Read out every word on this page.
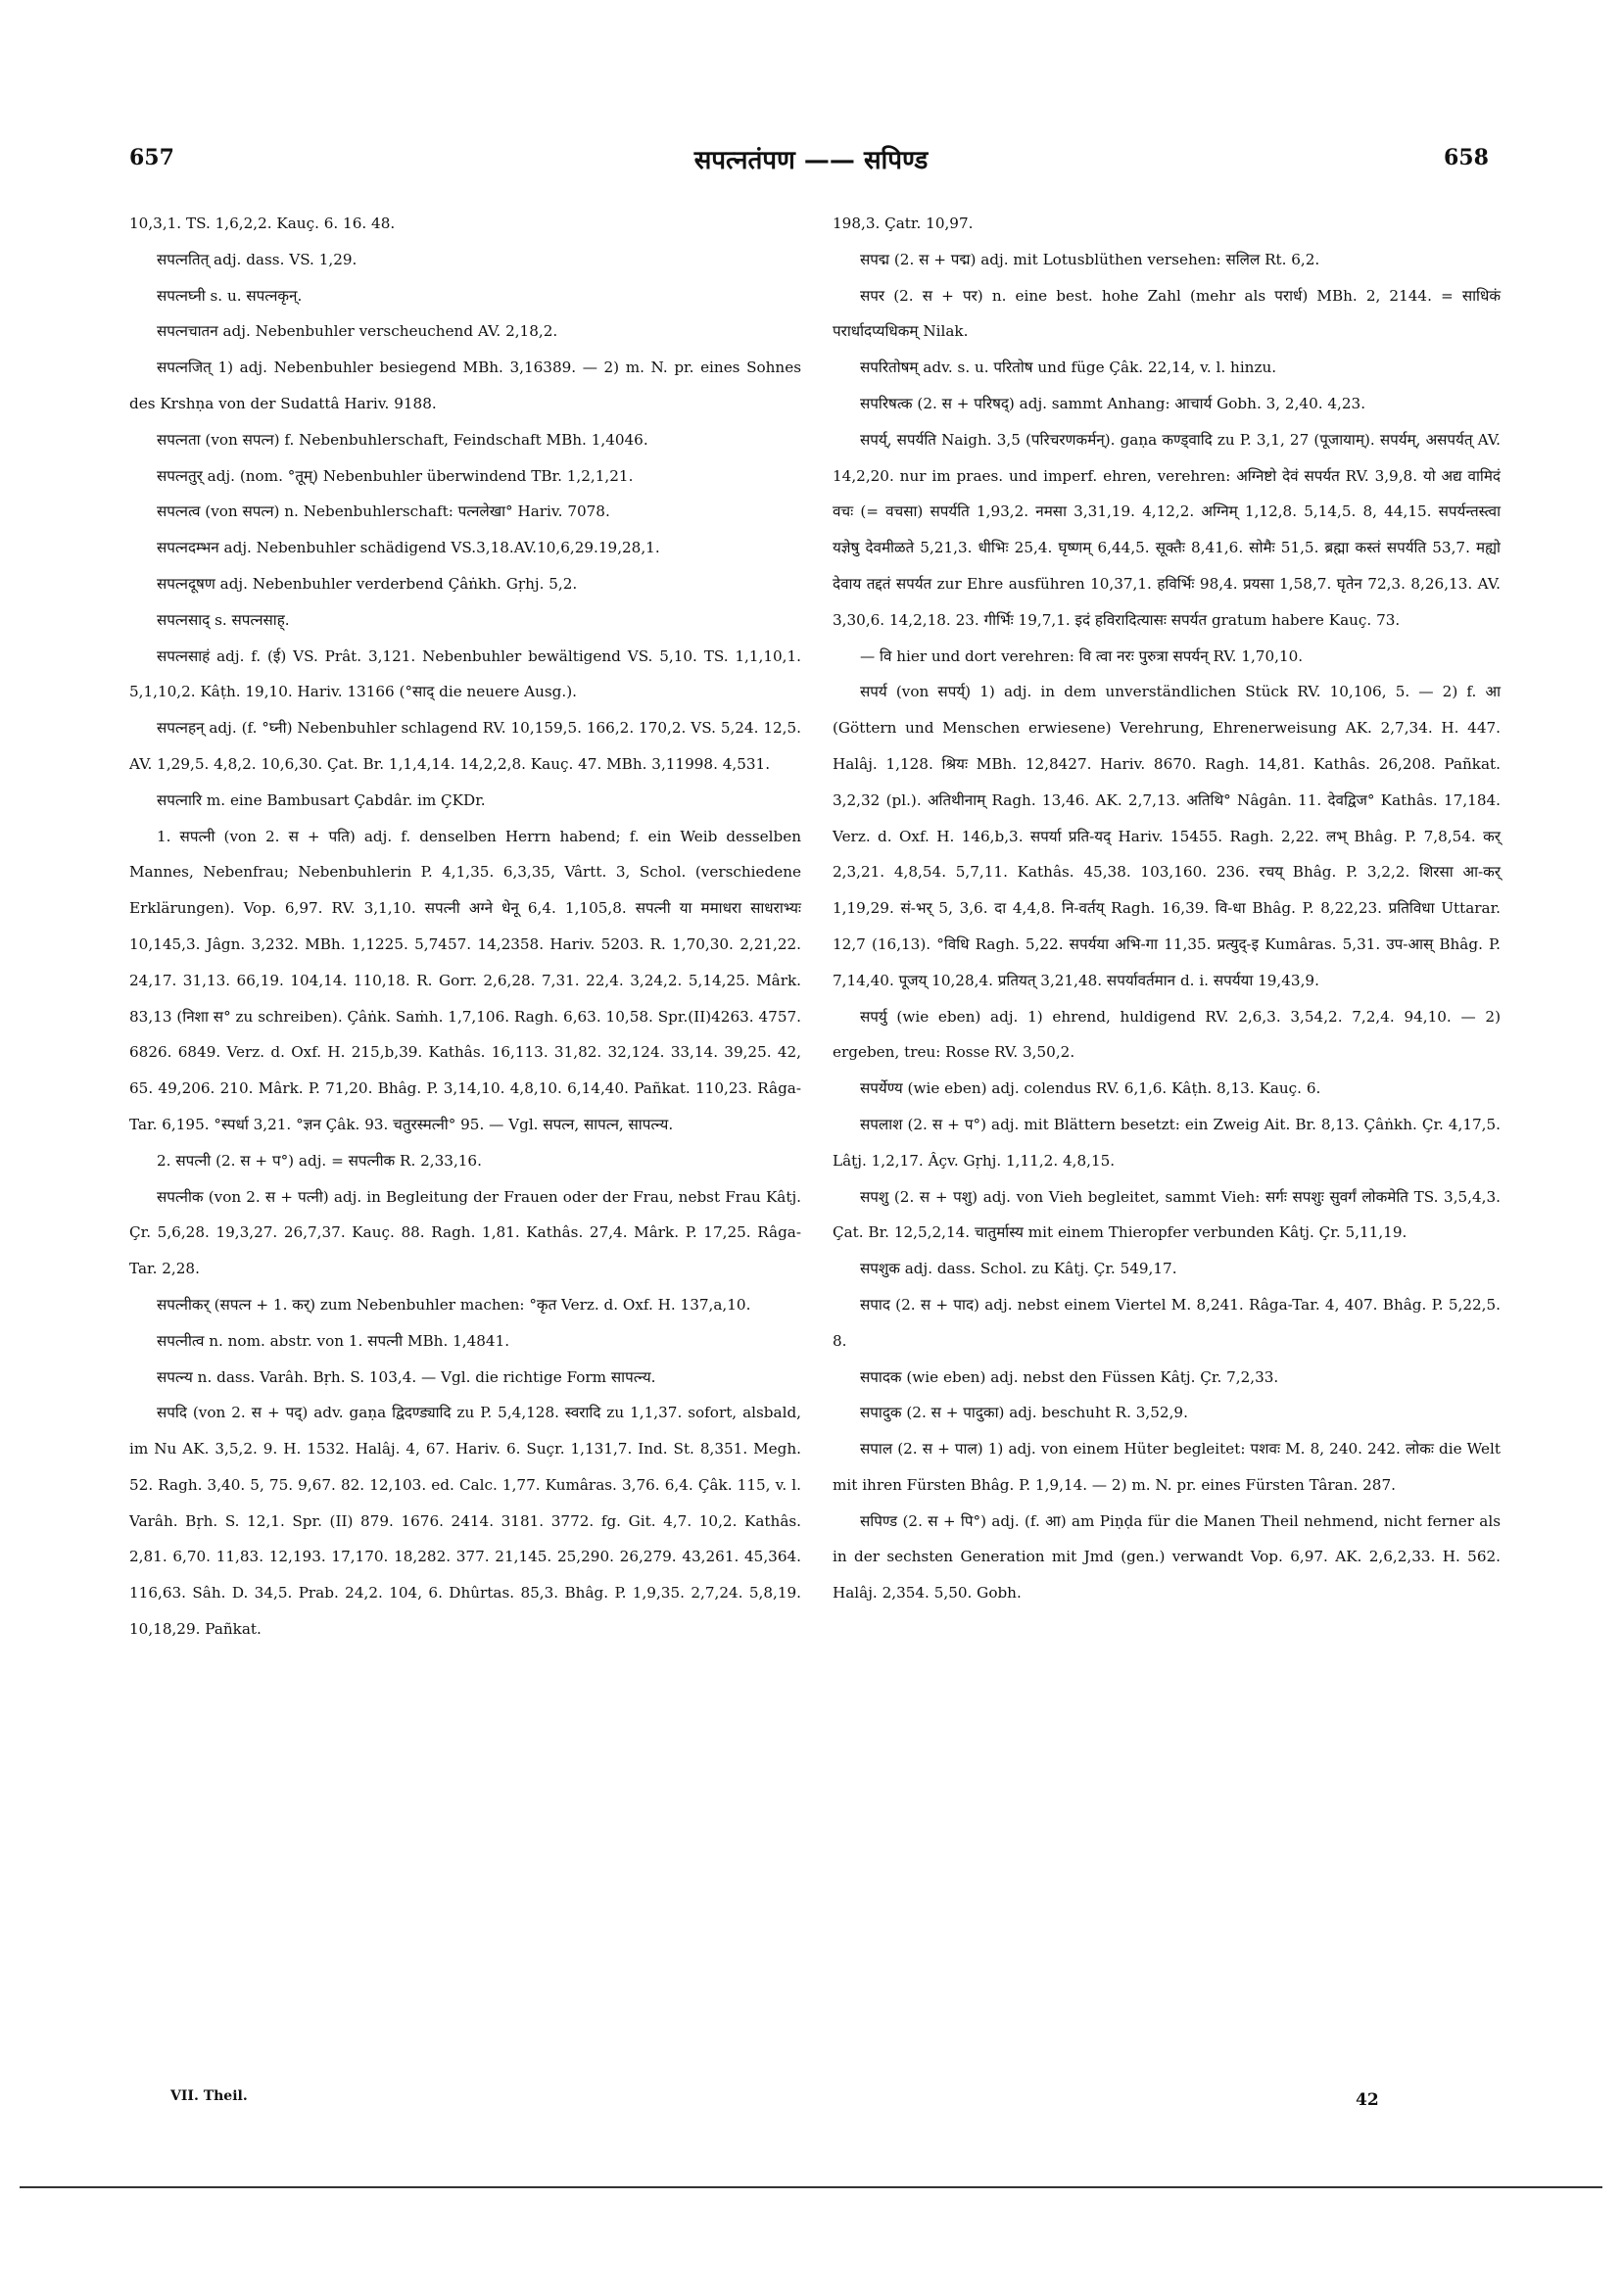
657	सपत्नतंपण —— सपिण्ड	658

10,3,1. TS. 1,6,2,2. Kauç. 6. 16. 48.

सपत्नतित् adj. dass. VS. 1,29.

सपत्नघ्नी s. u. सपत्नकृन्.

सपत्नचातन adj. Nebenbuhler verscheuchend AV. 2,18,2.

सपत्नजित् 1) adj. Nebenbuhler besiegend MBh. 3,16389. — 2) m. N. pr. eines Sohnes des Krshṇa von der Sudattâ Hariv. 9188.

सपत्नता (von सपत्न) f. Nebenbuhlerschaft, Feindschaft MBh. 1,4046.

सपत्नतुर् adj. (nom. °तूम्) Nebenbuhler überwindend TBr. 1,2,1,21.

सपत्नत्व (von सपत्न) n. Nebenbuhlerschaft: पत्नलेखा° Hariv. 7078.

सपत्नदम्भन adj. Nebenbuhler schädigend VS.3,18.AV.10,6,29.19,28,1.

सपत्नदूषण adj. Nebenbuhler verderbend Çâṅkh. Gṛhj. 5,2.

सपत्नसाद् s. सपत्नसाह्.

सपत्नसाहं adj. f. (ई) VS. Prât. 3,121. Nebenbuhler bewältigend VS. 5,10. TS. 1,1,10,1. 5,1,10,2. Kâṭh. 19,10. Hariv. 13166 (°साद् die neuere Ausg.).

सपत्नहन् adj. (f. °घ्नी) Nebenbuhler schlagend RV. 10,159,5. 166,2. 170,2. VS. 5,24. 12,5. AV. 1,29,5. 4,8,2. 10,6,30. Çat. Br. 1,1,4,14. 14,2,2,8. Kauç. 47. MBh. 3,11998. 4,531.

सपत्नारि m. eine Bambusart Çabdâr. im ÇKDr.

1. सपत्नी (von 2. स + पति) adj. f. denselben Herrn habend; f. ein Weib desselben Mannes, Nebenfrau; Nebenbuhlerin P. 4,1,35. 6,3,35, Vârtt. 3, Schol. (verschiedene Erklärungen). Vop. 6,97. RV. 3,1,10. सपत्नी अग्ने धेनू 6,4. 1,105,8. सपत्नी या ममाधरा साधराभ्यः 10,145,3. Jâgn. 3,232. MBh. 1,1225. 5,7457. 14,2358. Hariv. 5203. R. 1,70,30. 2,21,22. 24,17. 31,13. 66,19. 104,14. 110,18. R. Gorr. 2,6,28. 7,31. 22,4. 3,24,2. 5,14,25. Mârk. 83,13 (निशा स° zu schreiben). Çâṅk. Saṁh. 1,7,106. Ragh. 6,63. 10,58. Spr.(II)4263. 4757. 6826. 6849. Verz. d. Oxf. H. 215,b,39. Kathâs. 16,113. 31,82. 32,124. 33,14. 39,25. 42, 65. 49,206. 210. Mârk. P. 71,20. Bhâg. P. 3,14,10. 4,8,10. 6,14,40. Pañkat. 110,23. Râga-Tar. 6,195. °स्पर्धा 3,21. °ज्ञन Çâk. 93. चतुरस्मत्नी° 95. — Vgl. सपत्न, सापत्न, सापत्न्य.

2. सपत्नी (2. स + प°) adj. = सपत्नीक R. 2,33,16.

सपत्नीक (von 2. स + पत्नी) adj. in Begleitung der Frauen oder der Frau, nebst Frau Kâtj. Çr. 5,6,28. 19,3,27. 26,7,37. Kauç. 88. Ragh. 1,81. Kathâs. 27,4. Mârk. P. 17,25. Râga-Tar. 2,28.

सपत्नीकर् (सपत्न + 1. कर्) zum Nebenbuhler machen: °कृत Verz. d. Oxf. H. 137,a,10.

सपत्नीत्व n. nom. abstr. von 1. सपत्नी MBh. 1,4841.

सपत्न्य n. dass. Varâh. Bṛh. S. 103,4. — Vgl. die richtige Form सापत्न्य.

सपदि (von 2. स + पद्) adv. gaṇa द्विदण्ड्यादि zu P. 5,4,128. स्वरादि zu 1,1,37. sofort, alsbald, im Nu AK. 3,5,2. 9. H. 1532. Halâj. 4, 67. Hariv. 6. Suçr. 1,131,7. Ind. St. 8,351. Megh. 52. Ragh. 3,40. 5, 75. 9,67. 82. 12,103. ed. Calc. 1,77. Kumâras. 3,76. 6,4. Çâk. 115, v. l. Varâh. Bṛh. S. 12,1. Spr. (II) 879. 1676. 2414. 3181. 3772. fg. Git. 4,7. 10,2. Kathâs. 2,81. 6,70. 11,83. 12,193. 17,170. 18,282. 377. 21,145. 25,290. 26,279. 43,261. 45,364. 116,63. Sâh. D. 34,5. Prab. 24,2. 104, 6. Dhûrtas. 85,3. Bhâg. P. 1,9,35. 2,7,24. 5,8,19. 10,18,29. Pañkat.

198,3. Çatr. 10,97.

सपद्म (2. स + पद्म) adj. mit Lotusblüthen versehen: सलिल Rt. 6,2.

सपर (2. स + पर) n. eine best. hohe Zahl (mehr als परार्ध) MBh. 2, 2144. = साधिकं परार्धादप्यधिकम् Nilak.

सपरितोषम् adv. s. u. परितोष und füge Çâk. 22,14, v. l. hinzu.

सपरिषत्क (2. स + परिषद्) adj. sammt Anhang: आचार्य Gobh. 3, 2,40. 4,23.

सपर्य्, सपर्यति Naigh. 3,5 (परिचरणकर्मन्). gaṇa कण्ड्वादि zu P. 3,1, 27 (पूजायाम्). सपर्यम्, असपर्यत् AV. 14,2,20. nur im praes. und imperf. ehren, verehren: अग्निष्टो देवं सपर्यत RV. 3,9,8. यो अद्य वामिदं वचः (= वचसा) सपर्यति 1,93,2. नमसा 3,31,19. 4,12,2. अग्निम् 1,12,8. 5,14,5. 8, 44,15. सपर्यन्तस्त्वा यज्ञेषु देवमीळते 5,21,3. धीभिः 25,4. घृष्णम् 6,44,5. सूक्तैः 8,41,6. सोमैः 51,5. ब्रह्मा कस्तं सपर्यति 53,7. मह्यो देवाय तद्दतं सपर्यत zur Ehre ausführen 10,37,1. हविर्भिः 98,4. प्रयसा 1,58,7. घृतेन 72,3. 8,26,13. AV. 3,30,6. 14,2,18. 23. गीर्भिः 19,7,1. इदं हविरादित्यासः सपर्यत gratum habere Kauç. 73.

— वि hier und dort verehren: वि त्वा नरः पुरुत्रा सपर्यन् RV. 1,70,10.

सपर्य (von सपर्य्) 1) adj. in dem unverständlichen Stück RV. 10,106, 5. — 2) f. आ (Göttern und Menschen erwiesene) Verehrung, Ehrenerweisung AK. 2,7,34. H. 447. Halâj. 1,128. श्रियः MBh. 12,8427. Hariv. 8670. Ragh. 14,81. Kathâs. 26,208. Pañkat. 3,2,32 (pl.). अतिथीनाम् Ragh. 13,46. AK. 2,7,13. अतिथि° Nâgân. 11. देवद्विज° Kathâs. 17,184. Verz. d. Oxf. H. 146,b,3. सपर्या प्रति-यद् Hariv. 15455. Ragh. 2,22. लभ् Bhâg. P. 7,8,54. कर् 2,3,21. 4,8,54. 5,7,11. Kathâs. 45,38. 103,160. 236. रचय् Bhâg. P. 3,2,2. शिरसा आ-कर् 1,19,29. सं-भर् 5, 3,6. दा 4,4,8. नि-वर्तय् Ragh. 16,39. वि-धा Bhâg. P. 8,22,23. प्रतिविधा Uttarar. 12,7 (16,13). °विधि Ragh. 5,22. सपर्यया अभि-गा 11,35. प्रत्युद्-इ Kumâras. 5,31. उप-आस् Bhâg. P. 7,14,40. पूजय् 10,28,4. प्रतियत् 3,21,48. सपर्यावर्तमान d. i. सपर्यया 19,43,9.

सपर्यु (wie eben) adj. 1) ehrend, huldigend RV. 2,6,3. 3,54,2. 7,2,4. 94,10. — 2) ergeben, treu: Rosse RV. 3,50,2.

सपर्येण्य (wie eben) adj. colendus RV. 6,1,6. Kâṭh. 8,13. Kauç. 6.

सपलाश (2. स + प°) adj. mit Blättern besetzt: ein Zweig Ait. Br. 8,13. Çâṅkh. Çr. 4,17,5. Lâṭj. 1,2,17. Âçv. Gṛhj. 1,11,2. 4,8,15.

सपशु (2. स + पशु) adj. von Vieh begleitet, sammt Vieh: सर्गः सपशुः सुवर्गं लोकमेति TS. 3,5,4,3. Çat. Br. 12,5,2,14. चातुर्मास्य mit einem Thieropfer verbunden Kâtj. Çr. 5,11,19.

सपशुक adj. dass. Schol. zu Kâtj. Çr. 549,17.

सपाद (2. स + पाद) adj. nebst einem Viertel M. 8,241. Râga-Tar. 4, 407. Bhâg. P. 5,22,5. 8.

सपादक (wie eben) adj. nebst den Füssen Kâtj. Çr. 7,2,33.

सपादुक (2. स + पादुका) adj. beschuht R. 3,52,9.

सपाल (2. स + पाल) 1) adj. von einem Hüter begleitet: पशवः M. 8, 240. 242. लोकः die Welt mit ihren Fürsten Bhâg. P. 1,9,14. — 2) m. N. pr. eines Fürsten Târan. 287.

सपिण्ड (2. स + पि°) adj. (f. आ) am Piṇḍa für die Manen Theil nehmend, nicht ferner als in der sechsten Generation mit Jmd (gen.) verwandt Vop. 6,97. AK. 2,6,2,33. H. 562. Halâj. 2,354. 5,50. Gobh.

VII. Theil.	42
